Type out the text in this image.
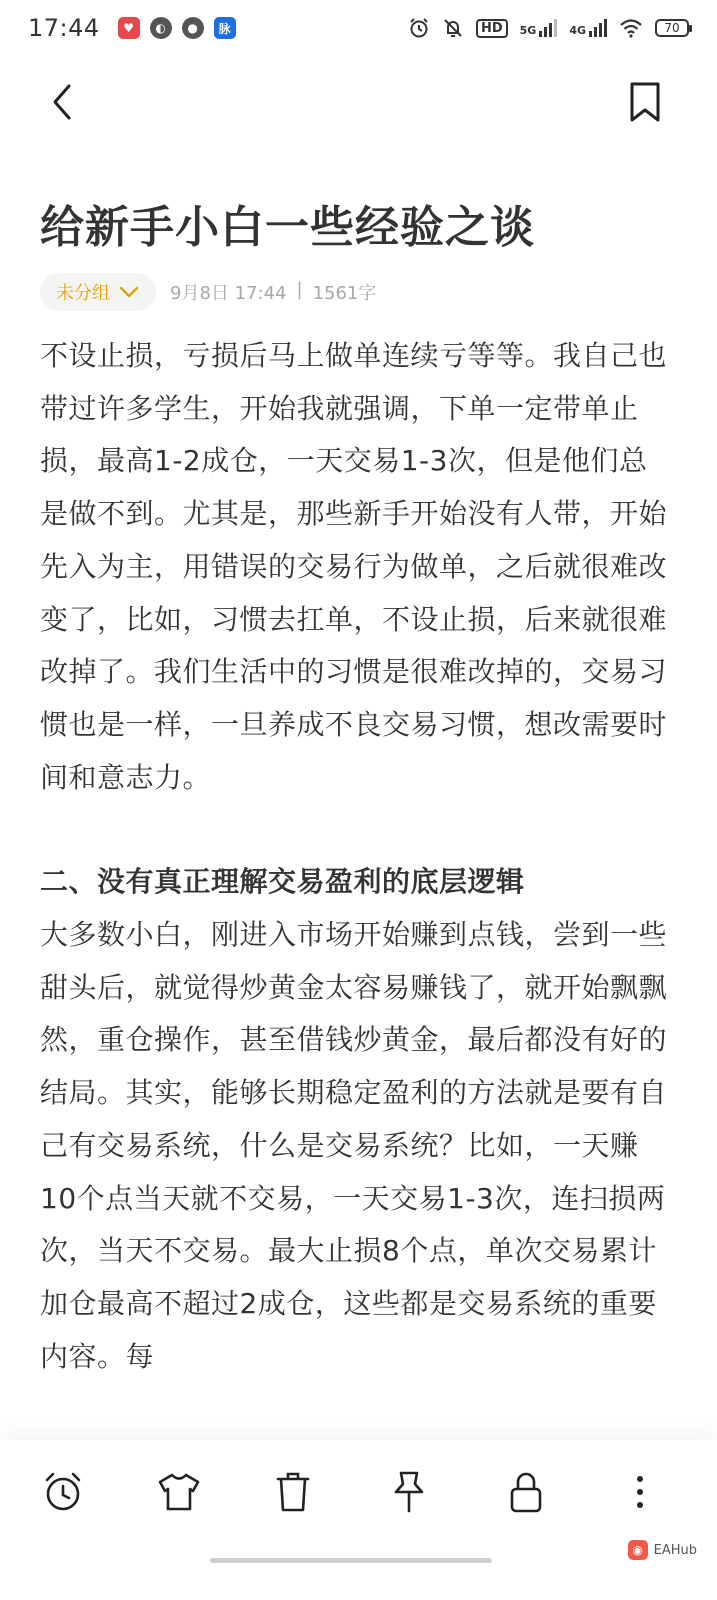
17:44	♥	◐	●	脉	HD	5G	4G	70
给新手小白一些经验之谈
未分组	9月8日 17:44 | 1561字

不设止损，亏损后马上做单连续亏等等。我自己也带过许多学生，开始我就强调，下单一定带单止损，最高1-2成仓，一天交易1-3次，但是他们总是做不到。尤其是，那些新手开始没有人带，开始先入为主，用错误的交易行为做单，之后就很难改变了，比如，习惯去扛单，不设止损，后来就很难改掉了。我们生活中的习惯是很难改掉的，交易习惯也是一样，一旦养成不良交易习惯，想改需要时间和意志力。

二、没有真正理解交易盈利的底层逻辑

大多数小白，刚进入市场开始赚到点钱，尝到一些甜头后，就觉得炒黄金太容易赚钱了，就开始飘飘然，重仓操作，甚至借钱炒黄金，最后都没有好的结局。其实，能够长期稳定盈利的方法就是要有自己有交易系统，什么是交易系统？比如，一天赚10个点当天就不交易，一天交易1-3次，连扫损两次，当天不交易。最大止损8个点，单次交易累计加仓最高不超过2成仓，这些都是交易系统的重要内容。每

◉ EAHub
